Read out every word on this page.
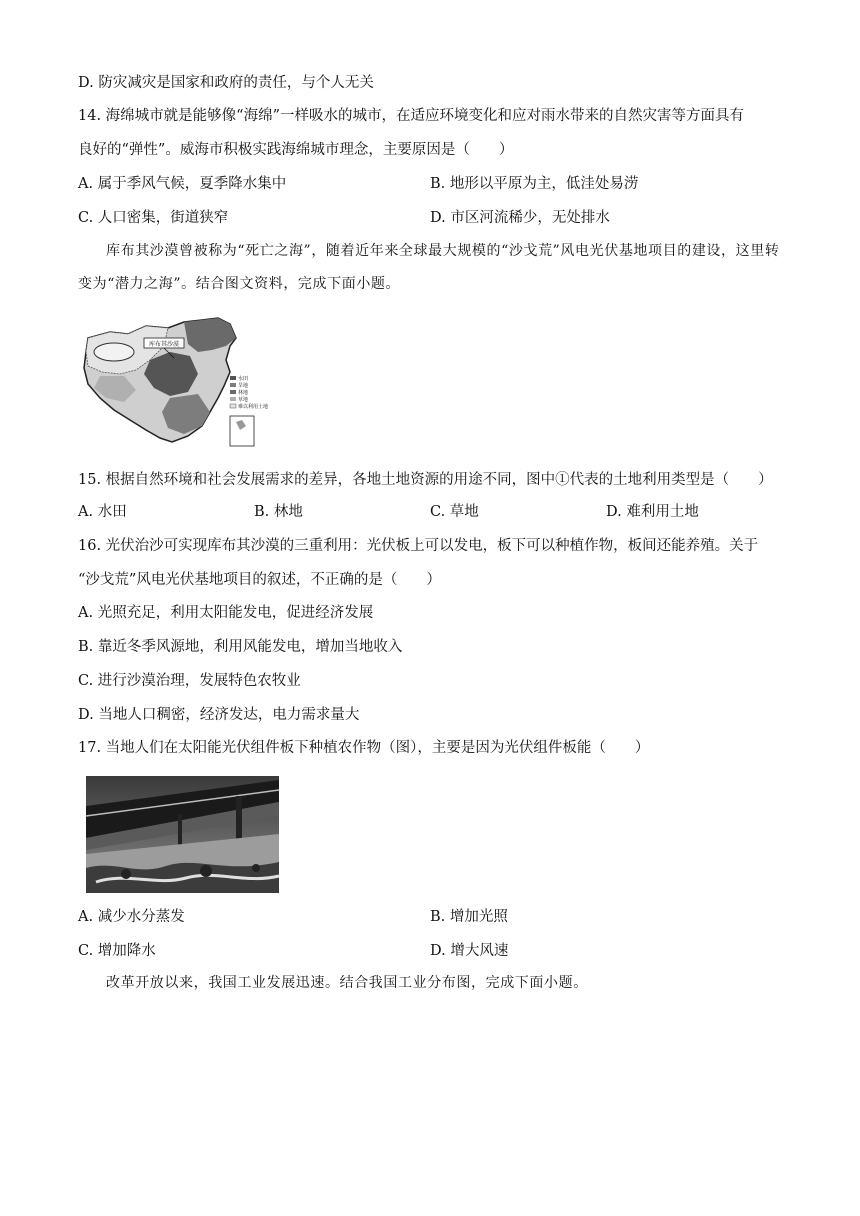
D. 防灾减灾是国家和政府的责任，与个人无关
14. 海绵城市就是能够像“海绵”一样吸水的城市，在适应环境变化和应对雨水带来的自然灾害等方面具有
良好的“弹性”。威海市积极实践海绵城市理念，主要原因是（　　）
A. 属于季风气候，夏季降水集中	B. 地形以平原为主，低洼处易涝
C. 人口密集，街道狭窄	D. 市区河流稀少，无处排水
库布其沙漠曾被称为“死亡之海”，随着近年来全球最大规模的“沙戈荒”风电光伏基地项目的建设，这里转变为“潜力之海”。结合图文资料，完成下面小题。
库布其沙漠
水田
旱地
林地
草地
难以利用土地
15. 根据自然环境和社会发展需求的差异，各地土地资源的用途不同，图中①代表的土地利用类型是（　　）
A. 水田	B. 林地	C. 草地	D. 难利用土地
16. 光伏治沙可实现库布其沙漠的三重利用：光伏板上可以发电，板下可以种植作物，板间还能养殖。关于
“沙戈荒”风电光伏基地项目的叙述，不正确的是（　　）
A. 光照充足，利用太阳能发电，促进经济发展
B. 靠近冬季风源地，利用风能发电，增加当地收入
C. 进行沙漠治理，发展特色农牧业
D. 当地人口稠密，经济发达，电力需求量大
17. 当地人们在太阳能光伏组件板下种植农作物（图），主要是因为光伏组件板能（　　）
A. 减少水分蒸发	B. 增加光照
C. 增加降水	D. 增大风速
改革开放以来，我国工业发展迅速。结合我国工业分布图，完成下面小题。
